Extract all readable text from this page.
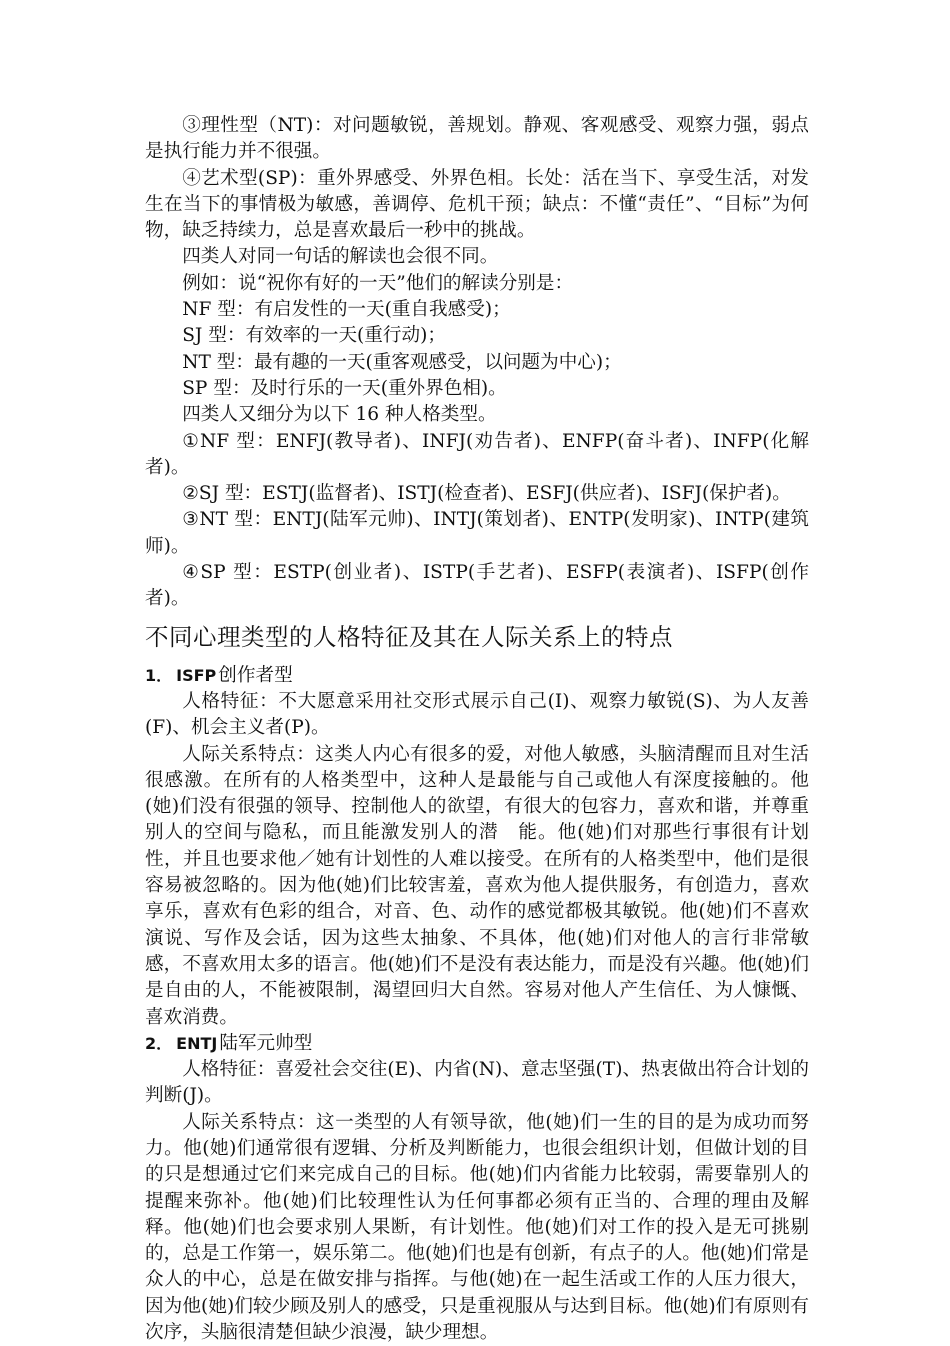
③理性型（NT)：对问题敏锐，善规划。静观、客观感受、观察力强，弱点是执行能力并不很强。

④艺术型(SP)：重外界感受、外界色相。长处：活在当下、享受生活，对发生在当下的事情极为敏感，善调停、危机干预；缺点：不懂“责任”、“目标”为何物，缺乏持续力，总是喜欢最后一秒中的挑战。

四类人对同一句话的解读也会很不同。

例如：说“祝你有好的一天”他们的解读分别是：

NF 型：有启发性的一天(重自我感受)；

SJ 型：有效率的一天(重行动)；

NT 型：最有趣的一天(重客观感受，以问题为中心)；

SP 型：及时行乐的一天(重外界色相)。

四类人又细分为以下 16 种人格类型。

①NF 型：ENFJ(教导者)、INFJ(劝告者)、ENFP(奋斗者)、INFP(化解者)。

②SJ 型：ESTJ(监督者)、ISTJ(检查者)、ESFJ(供应者)、ISFJ(保护者)。

③NT 型：ENTJ(陆军元帅)、INTJ(策划者)、ENTP(发明家)、INTP(建筑师)。

④SP 型：ESTP(创业者)、ISTP(手艺者)、ESFP(表演者)、ISFP(创作者)。

不同心理类型的人格特征及其在人际关系上的特点

1． ISFP 创作者型

人格特征：不大愿意采用社交形式展示自己(I)、观察力敏锐(S)、为人友善(F)、机会主义者(P)。

人际关系特点：这类人内心有很多的爱，对他人敏感，头脑清醒而且对生活很感激。在所有的人格类型中，这种人是最能与自己或他人有深度接触的。他(她)们没有很强的领导、控制他人的欲望，有很大的包容力，喜欢和谐，并尊重别人的空间与隐私，而且能激发别人的潜　能。他(她)们对那些行事很有计划性，并且也要求他／她有计划性的人难以接受。在所有的人格类型中，他们是很容易被忽略的。因为他(她)们比较害羞，喜欢为他人提供服务，有创造力，喜欢享乐，喜欢有色彩的组合，对音、色、动作的感觉都极其敏锐。他(她)们不喜欢演说、写作及会话，因为这些太抽象、不具体，他(她)们对他人的言行非常敏感，不喜欢用太多的语言。他(她)们不是没有表达能力，而是没有兴趣。他(她)们是自由的人，不能被限制，渴望回归大自然。容易对他人产生信任、为人慷慨、喜欢消费。

2． ENTJ 陆军元帅型

人格特征：喜爱社会交往(E)、内省(N)、意志坚强(T)、热衷做出符合计划的判断(J)。

人际关系特点：这一类型的人有领导欲，他(她)们一生的目的是为成功而努力。他(她)们通常很有逻辑、分析及判断能力，也很会组织计划，但做计划的目的只是想通过它们来完成自己的目标。他(她)们内省能力比较弱，需要靠别人的提醒来弥补。他(她)们比较理性认为任何事都必须有正当的、合理的理由及解释。他(她)们也会要求别人果断，有计划性。他(她)们对工作的投入是无可挑剔的，总是工作第一，娱乐第二。他(她)们也是有创新，有点子的人。他(她)们常是众人的中心，总是在做安排与指挥。与他(她)在一起生活或工作的人压力很大，因为他(她)们较少顾及别人的感受，只是重视服从与达到目标。他(她)们有原则有次序，头脑很清楚但缺少浪漫，缺少理想。
